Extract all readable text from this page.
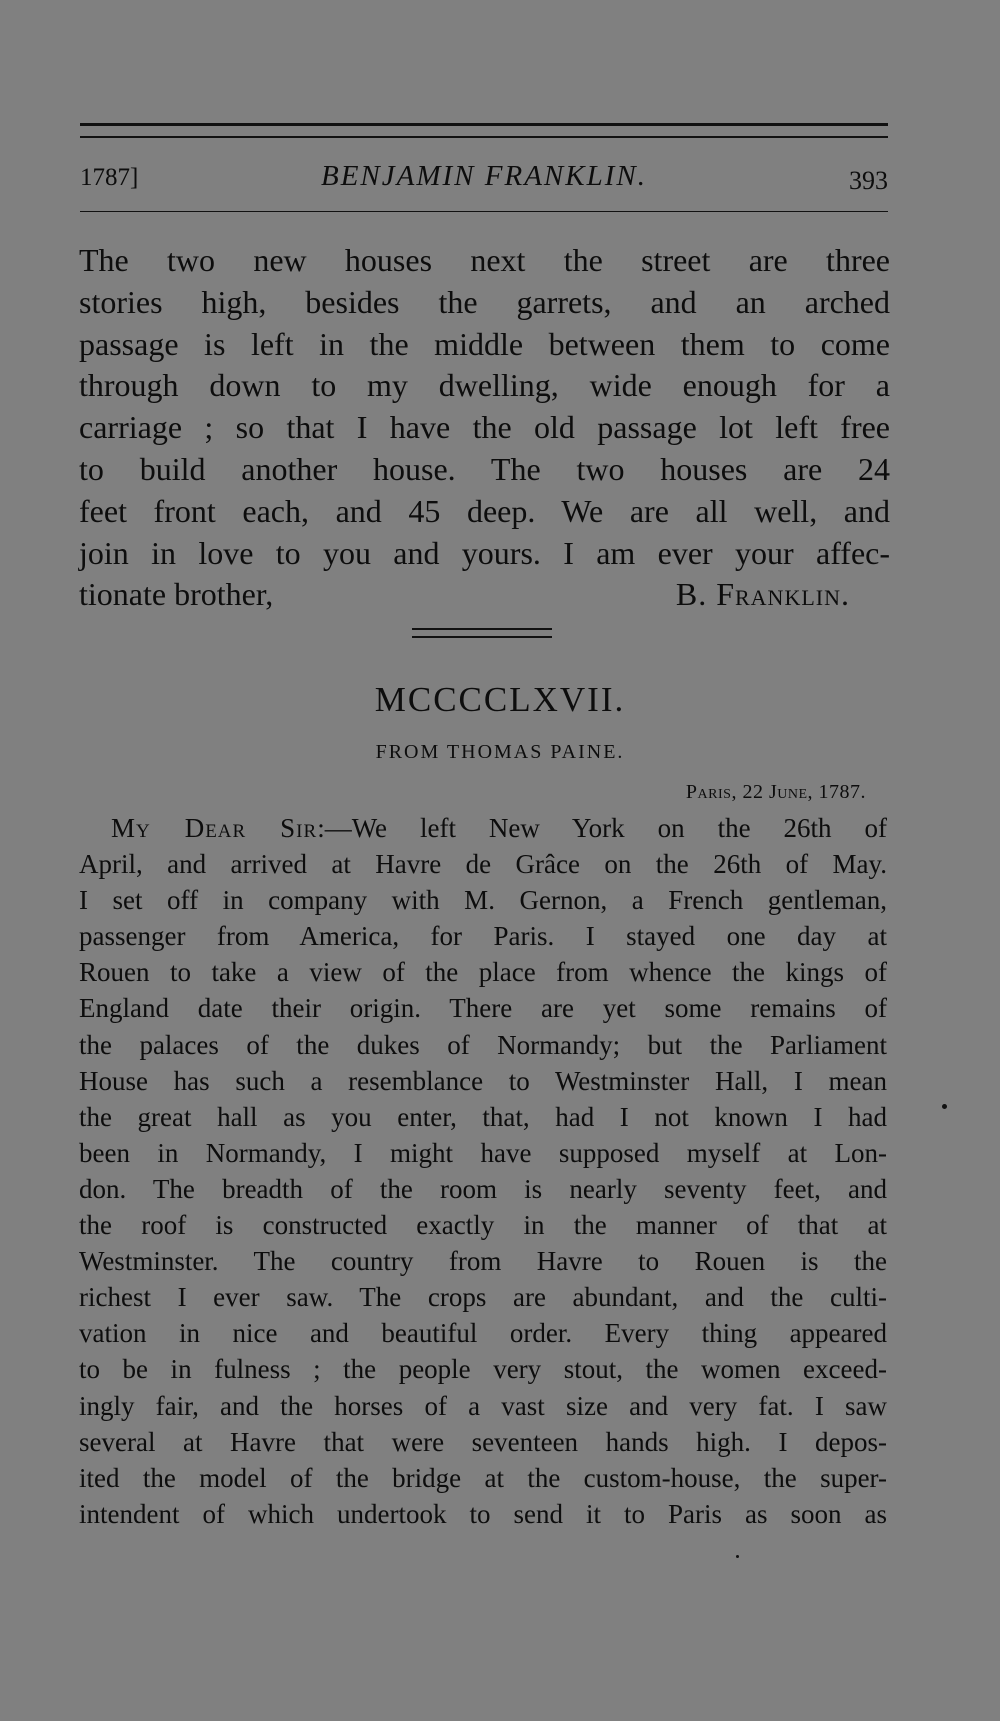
1787]	BENJAMIN FRANKLIN.	393
The two new houses next the street are three
stories high, besides the garrets, and an arched
passage is left in the middle between them to come
through down to my dwelling, wide enough for a
carriage ; so that I have the old passage lot left free
to build another house. The two houses are 24
feet front each, and 45 deep. We are all well, and
join in love to you and yours. I am ever your affec-
tionate brother,	B. Franklin.
MCCCCLXVII.
FROM THOMAS PAINE.
Paris, 22 June, 1787.
My Dear Sir:—We left New York on the 26th of
April, and arrived at Havre de Grâce on the 26th of May.
I set off in company with M. Gernon, a French gentleman,
passenger from America, for Paris. I stayed one day at
Rouen to take a view of the place from whence the kings of
England date their origin. There are yet some remains of
the palaces of the dukes of Normandy; but the Parliament
House has such a resemblance to Westminster Hall, I mean
the great hall as you enter, that, had I not known I had
been in Normandy, I might have supposed myself at Lon-
don. The breadth of the room is nearly seventy feet, and
the roof is constructed exactly in the manner of that at
Westminster. The country from Havre to Rouen is the
richest I ever saw. The crops are abundant, and the culti-
vation in nice and beautiful order. Every thing appeared
to be in fulness ; the people very stout, the women exceed-
ingly fair, and the horses of a vast size and very fat. I saw
several at Havre that were seventeen hands high. I depos-
ited the model of the bridge at the custom-house, the super-
intendent of which undertook to send it to Paris as soon as
